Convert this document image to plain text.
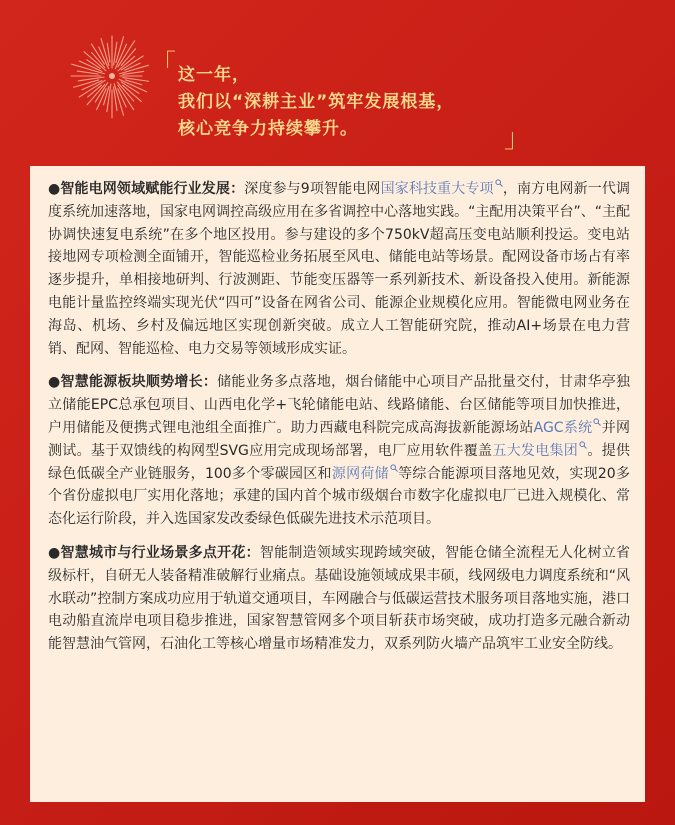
「 这一年，
我们以“深耕主业”筑牢发展根基，
核心竞争力持续攀升。	」

●智能电网领域赋能行业发展：深度参与9项智能电网国家科技重大专项 ，南方电网新一代调度系统加速落地，国家电网调控高级应用在多省调控中心落地实践。“主配用决策平台”、“主配协调快速复电系统”在多个地区投用。参与建设的多个750kV超高压变电站顺利投运。变电站接地网专项检测全面铺开，智能巡检业务拓展至风电、储能电站等场景。配网设备市场占有率逐步提升，单相接地研判、行波测距、节能变压器等一系列新技术、新设备投入使用。新能源电能计量监控终端实现光伏“四可”设备在网省公司、能源企业规模化应用。智能微电网业务在海岛、机场、乡村及偏远地区实现创新突破。成立人工智能研究院，推动AI+场景在电力营销、配网、智能巡检、电力交易等领域形成实证。

●智慧能源板块顺势增长：储能业务多点落地，烟台储能中心项目产品批量交付，甘肃华亭独立储能EPC总承包项目、山西电化学+飞轮储能电站、线路储能、台区储能等项目加快推进，户用储能及便携式锂电池组全面推广。助力西藏电科院完成高海拔新能源场站AGC系统 并网测试。基于双馈线的构网型SVG应用完成现场部署，电厂应用软件覆盖五大发电集团 。提供绿色低碳全产业链服务，100多个零碳园区和源网荷储 等综合能源项目落地见效，实现20多个省份虚拟电厂实用化落地；承建的国内首个城市级烟台市数字化虚拟电厂已进入规模化、常态化运行阶段，并入选国家发改委绿色低碳先进技术示范项目。

●智慧城市与行业场景多点开花：智能制造领域实现跨域突破，智能仓储全流程无人化树立省级标杆，自研无人装备精准破解行业痛点。基础设施领域成果丰硕，线网级电力调度系统和“风水联动”控制方案成功应用于轨道交通项目，车网融合与低碳运营技术服务项目落地实施，港口电动船直流岸电项目稳步推进，国家智慧管网多个项目斩获市场突破，成功打造多元融合新动能智慧油气管网，石油化工等核心增量市场精准发力，双系列防火墙产品筑牢工业安全防线。
